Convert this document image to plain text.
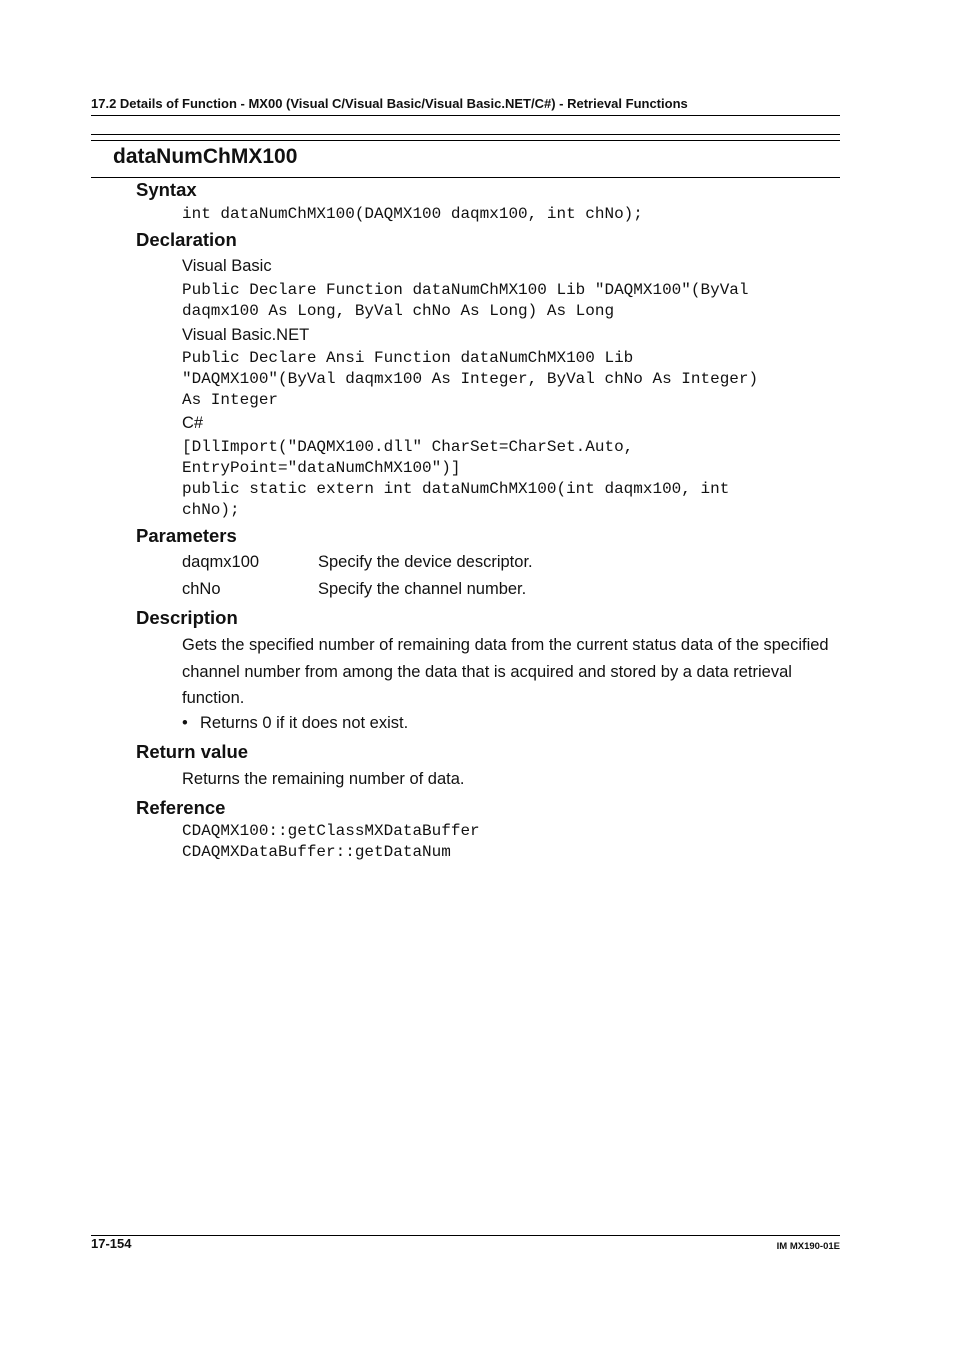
17.2 Details of Function - MX00 (Visual C/Visual Basic/Visual Basic.NET/C#) - Retrieval Functions
dataNumChMX100
Syntax
int dataNumChMX100(DAQMX100 daqmx100, int chNo);
Declaration
Visual Basic
Public Declare Function dataNumChMX100 Lib "DAQMX100"(ByVal
daqmx100 As Long, ByVal chNo As Long) As Long
Visual Basic.NET
Public Declare Ansi Function dataNumChMX100 Lib
"DAQMX100"(ByVal daqmx100 As Integer, ByVal chNo As Integer)
As Integer
C#
[DllImport("DAQMX100.dll" CharSet=CharSet.Auto,
EntryPoint="dataNumChMX100")]
public static extern int dataNumChMX100(int daqmx100, int
chNo);
Parameters
daqmx100	Specify the device descriptor.
chNo	Specify the channel number.
Description
Gets the specified number of remaining data from the current status data of the specified channel number from among the data that is acquired and stored by a data retrieval function.
• Returns 0 if it does not exist.
Return value
Returns the remaining number of data.
Reference
CDAQMX100::getClassMXDataBuffer
CDAQMXDataBuffer::getDataNum
17-154	IM MX190-01E
